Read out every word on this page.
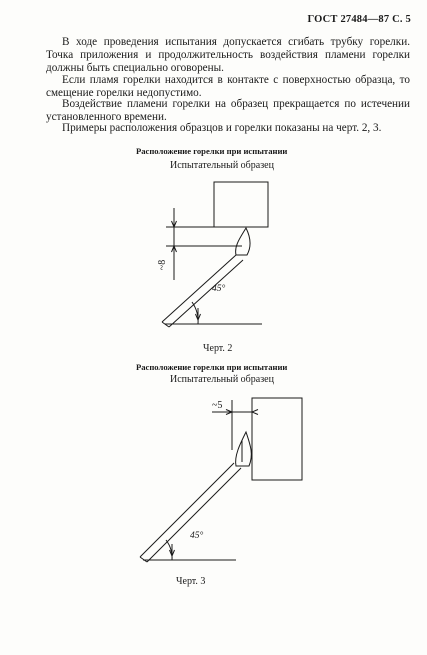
ГОСТ 27484—87 С. 5
В ходе проведения испытания допускается сгибать трубку горелки. Точка приложения и продолжительность воздействия пламени горелки должны быть специально оговорены.
Если пламя горелки находится в контакте с поверхностью образца, то смещение горелки недопустимо.
Воздействие пламени горелки на образец прекращается по истечении установленного времени.
Примеры расположения образцов и горелки показаны на черт. 2, 3.
Расположение горелки при испытании
Испытательный образец
~8
45°
~5
45°
Черт. 2
Расположение горелки при испытании
Испытательный образец
Черт. 3
